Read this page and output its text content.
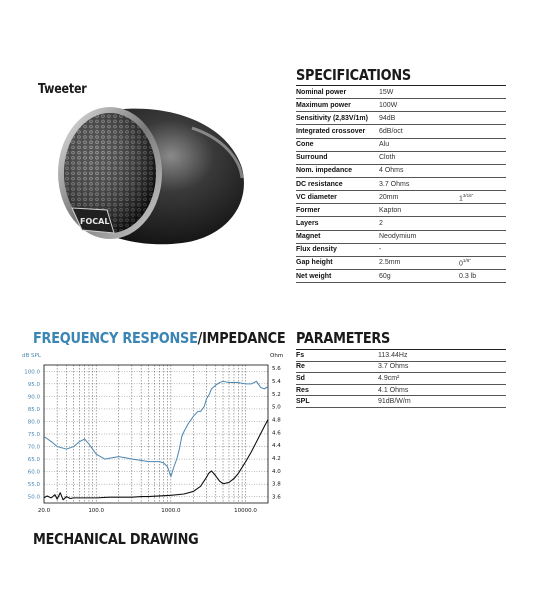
Tweeter
FOCAL
SPECIFICATIONS
Nominal power	15W	
Maximum power	100W	
Sensitivity (2,83V/1m)	94dB	
Integrated crossover	6dB/oct	
Cone	Alu	
Surround	Cloth	
Nom. impedance	4 Ohms	
DC resistance	3.7 Ohms	
VC diameter	20mm	$1^{3/16"}$
Former	Kapton	
Layers	2	
Magnet	Neodymium	
Flux density	-	
Gap height	2.5mm	$0^{1/8"}$
Net weight	60g	0.3 lb
FREQUENCY RESPONSE/IMPEDANCE
100.0
95.0
90.0
85.0
80.0
75.0
70.0
65.0
60.0
55.0
50.0
5.6
5.4
5.2
5.0
4.8
4.6
4.4
4.2
4.0
3.8
3.6
20.0	100.0	1000.0	10000.0
dB SPL	Ohm
PARAMETERS
Fs	113.44Hz
Re	3.7 Ohms
Sd	4.9cm²
Res	4.1 Ohms
SPL	91dB/W/m
MECHANICAL DRAWING
